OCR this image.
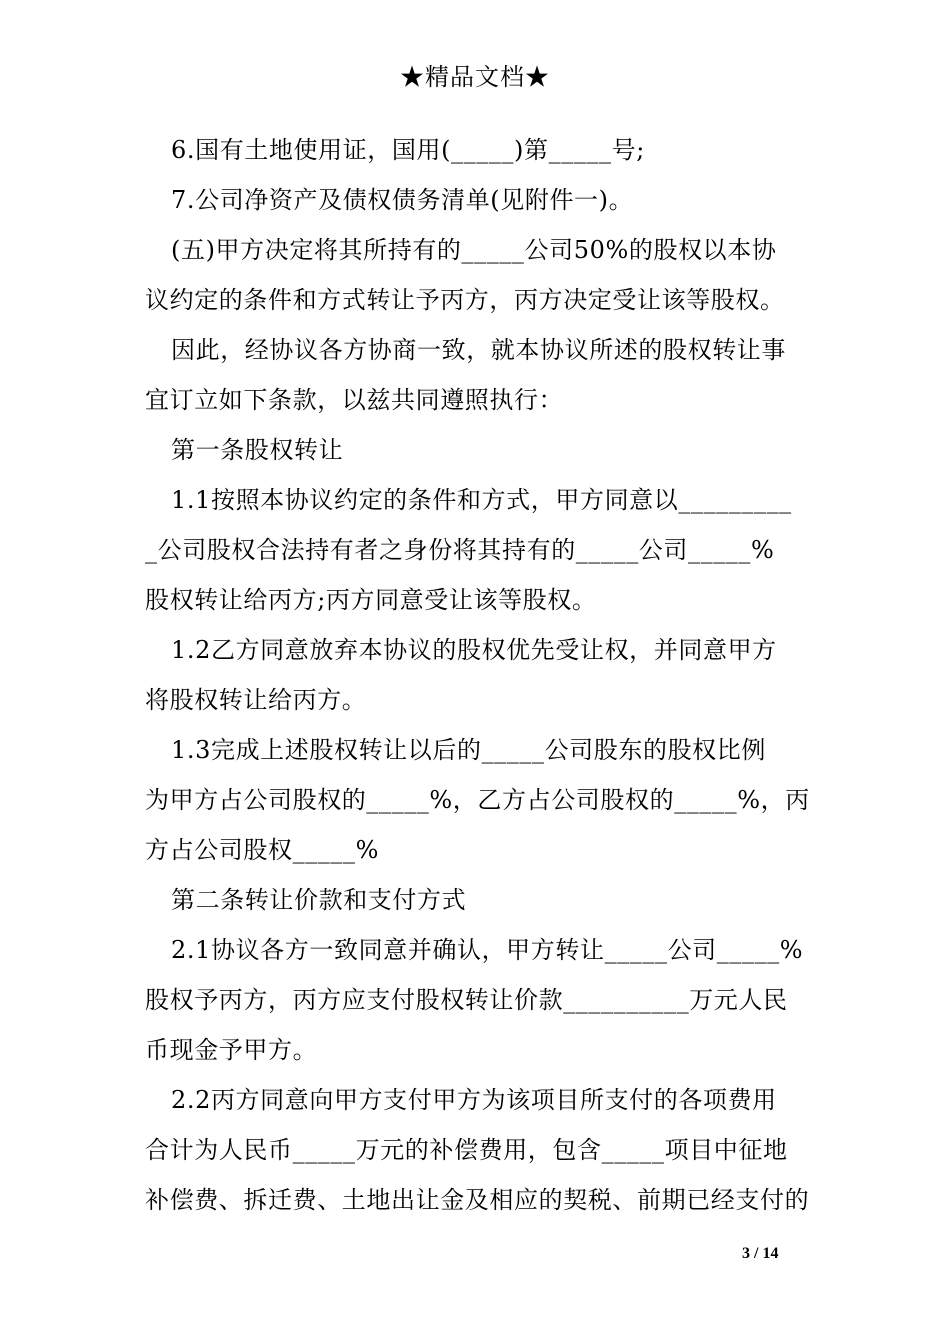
★精品文档★
6.国有土地使用证，国用(_____)第_____号;
7.公司净资产及债权债务清单(见附件一)。
(五)甲方决定将其所持有的_____公司50%的股权以本协
议约定的条件和方式转让予丙方，丙方决定受让该等股权。
因此，经协议各方协商一致，就本协议所述的股权转让事
宜订立如下条款，以兹共同遵照执行：
第一条股权转让
1.1按照本协议约定的条件和方式，甲方同意以_________
_公司股权合法持有者之身份将其持有的_____公司_____%
股权转让给丙方;丙方同意受让该等股权。
1.2乙方同意放弃本协议的股权优先受让权，并同意甲方
将股权转让给丙方。
1.3完成上述股权转让以后的_____公司股东的股权比例
为甲方占公司股权的_____%，乙方占公司股权的_____%，丙
方占公司股权_____%
第二条转让价款和支付方式
2.1协议各方一致同意并确认，甲方转让_____公司_____%
股权予丙方，丙方应支付股权转让价款__________万元人民
币现金予甲方。
2.2丙方同意向甲方支付甲方为该项目所支付的各项费用
合计为人民币_____万元的补偿费用，包含_____项目中征地
补偿费、拆迁费、土地出让金及相应的契税、前期已经支付的
3 / 14
